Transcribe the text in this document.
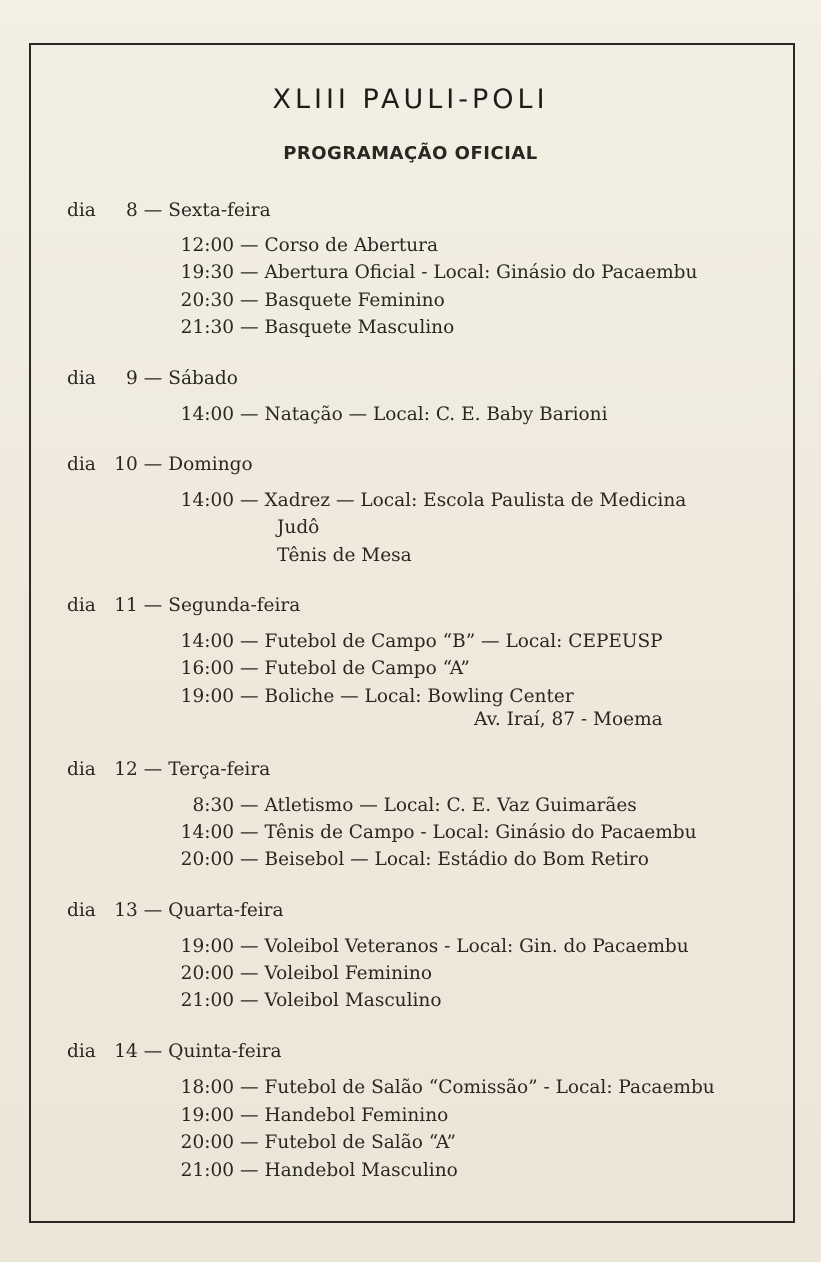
XLIII PAULI-POLI
PROGRAMAÇÃO OFICIAL
dia 8 — Sexta-feira
12:00 — Corso de Abertura
19:30 — Abertura Oficial - Local: Ginásio do Pacaembu
20:30 — Basquete Feminino
21:30 — Basquete Masculino
dia 9 — Sábado
14:00 — Natação — Local: C. E. Baby Barioni
dia 10 — Domingo
14:00 — Xadrez — Local: Escola Paulista de Medicina
Judô
Tênis de Mesa
dia 11 — Segunda-feira
14:00 — Futebol de Campo “B” — Local: CEPEUSP
16:00 — Futebol de Campo “A”
19:00 — Boliche — Local: Bowling Center
Av. Iraí, 87 - Moema
dia 12 — Terça-feira
8:30 — Atletismo — Local: C. E. Vaz Guimarães
14:00 — Tênis de Campo - Local: Ginásio do Pacaembu
20:00 — Beisebol — Local: Estádio do Bom Retiro
dia 13 — Quarta-feira
19:00 — Voleibol Veteranos - Local: Gin. do Pacaembu
20:00 — Voleibol Feminino
21:00 — Voleibol Masculino
dia 14 — Quinta-feira
18:00 — Futebol de Salão “Comissão” - Local: Pacaembu
19:00 — Handebol Feminino
20:00 — Futebol de Salão “A”
21:00 — Handebol Masculino
